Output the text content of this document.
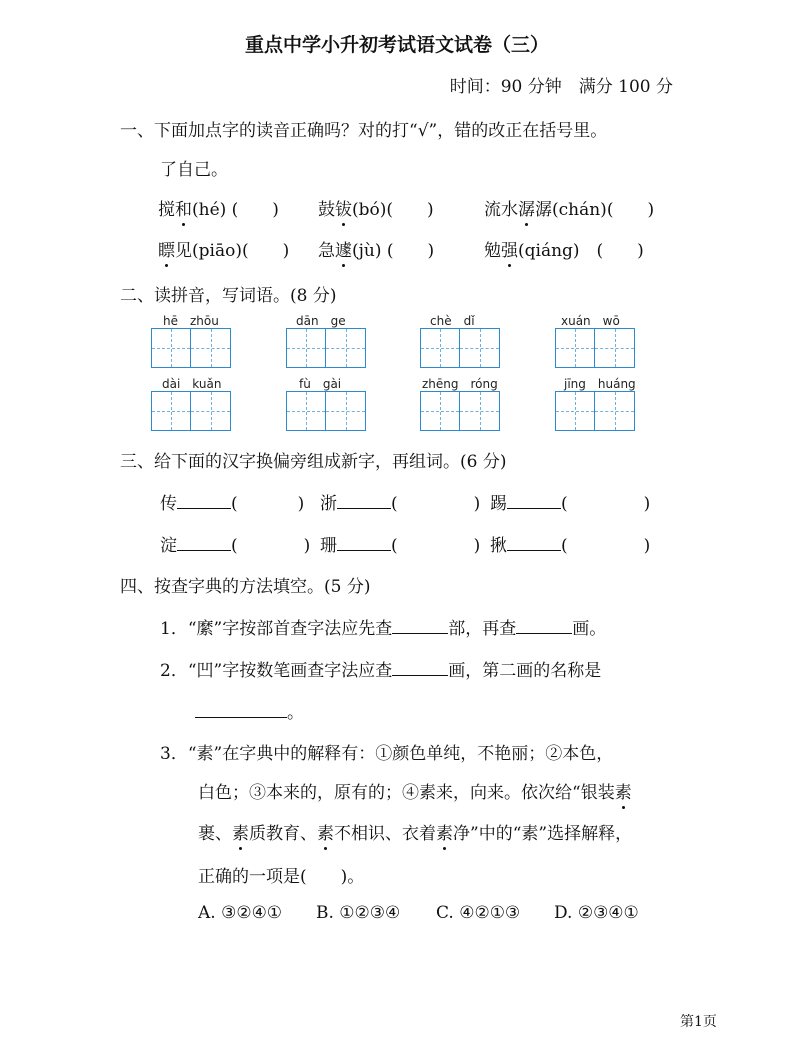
重点中学小升初考试语文试卷（三）
时间：90 分钟　满分 100 分
一、下面加点字的读音正确吗？对的打“√”，错的改正在括号里。
了自己。
搅和(hé) (　　) 鼓钹(bó)(　　)	流水潺潺(chán)(　　)
瞟见(piāo)(　　) 急遽(jù) (　　)	勉强(qiáng)　(　　)
二、读拼音，写词语。(8 分)
hē　zhōu	dān　ge	chè　dǐ	xuán　wō
dài　kuǎn	fù　gài	zhēng　róng	jīng　huáng
三、给下面的汉字换偏旁组成新字，再组词。(6 分)
传	(	) 浙	(	) 踢	(	)
淀	(	) 珊	(	) 揪	(	)
四、按查字典的方法填空。(5 分)
1．“縻”字按部首查字法应先查	部，再查	画。
2．“凹”字按数笔画查字法应查	画，第二画的名称是
。
3．“素”在字典中的解释有：①颜色单纯，不艳丽；②本色，
白色；③本来的，原有的；④素来，向来。依次给“银装素
裹、素质教育、素不相识、衣着素净”中的“素”选择解释，
正确的一项是(　　)。
A. ③②④① B. ①②③④ C. ④②①③ D. ②③④①
第1页
